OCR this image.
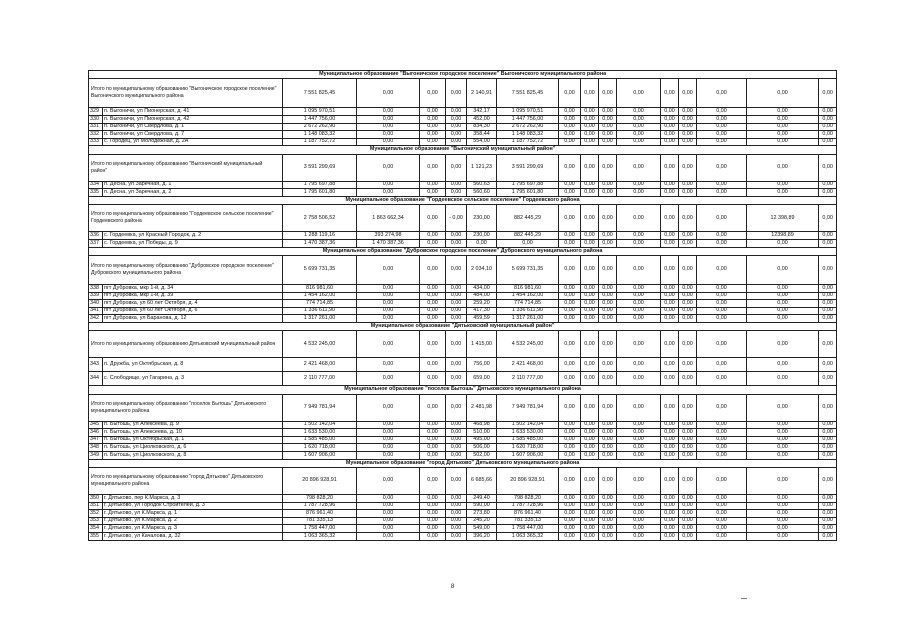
Муниципальное образование "Выгоничское городское поселение" Выгоничского муниципального района																
Итого по муниципальному образованию "Выгоничское городское поселение" Выгоничского муниципального района		7 551 825,45	0,00	0,00	0,00	2 140,91	7 551 825,45	0,00	0,00	0,00	0,00	0,00	0,00	0,00	0,00	0,00
329	п. Выгоничи, ул Пионерская, д. 41	1 095 970,51	0,00	0,00	0,00	342,17	1 095 970,51	0,00	0,00	0,00	0,00	0,00	0,00	0,00	0,00	0,00
330	п. Выгоничи, ул Пионерская, д. 42	1 447 756,00	0,00	0,00	0,00	452,00	1 447 756,00	0,00	0,00	0,00	0,00	0,00	0,00	0,00	0,00	0,00
331	п. Выгоничи, ул Свердлова, д. 1	2 672 262,90	0,00	0,00	0,00	834,30	2 672 262,90	0,00	0,00	0,00	0,00	0,00	0,00	0,00	0,00	0,00
332	п. Выгоничи, ул Свердлова, д. 7	1 148 083,32	0,00	0,00	0,00	358,44	1 148 083,32	0,00	0,00	0,00	0,00	0,00	0,00	0,00	0,00	0,00
333	с. Городец, ул Молодежная, д. 2А	1 187 752,72	0,00	0,00	0,00	554,00	1 187 752,72	0,00	0,00	0,00	0,00	0,00	0,00	0,00	0,00	0,00
Муниципальное образование "Выгоничский муниципальный район"																
Итого по муниципальному образованию "Выгоничский муниципальный район"		3 591 299,69	0,00	0,00	0,00	1 121,23	3 591 299,69	0,00	0,00	0,00	0,00	0,00	0,00	0,00	0,00	0,00
334	п. Десна, ул Заречная, д. 1	1 795 697,88	0,00	0,00	0,00	560,63	1 795 697,88	0,00	0,00	0,00	0,00	0,00	0,00	0,00	0,00	0,00
335	п. Десна, ул Заречная, д. 2	1 795 601,80	0,00	0,00	0,00	560,60	1 795 601,80	0,00	0,00	0,00	0,00	0,00	0,00	0,00	0,00	0,00
Муниципальное образование "Гордеевское сельское поселение" Гордеевского района																
Итого по муниципальному образованию "Гордеевское сельское поселение" Гордеевского района		2 758 506,52	1 863 662,34	0,00	- 0,00	230,00	882 445,29	0,00	0,00	0,00	0,00	0,00	0,00	0,00	12 398,89	0,00
336	с. Гордеевка, ул Красный Городок, д. 2	1 288 119,16	393 274,98	0,00	0,00	230,00	882 445,29	0,00	0,00	0,00	0,00	0,00	0,00	0,00	12398,89	0,00
337	с. Гордеевка, ул Победы, д. 9	1 470 387,36	1 470 387,36	0,00	0,00	0,00	0,00	0,00	0,00	0,00	0,00	0,00	0,00	0,00	0,00	0,00
Муниципальное образование "Дубровское городское поселение" Дубровского муниципального района																
Итого по муниципальному образованию "Дубровское городское поселение" Дубровского муниципального района		5 699 731,35	0,00	0,00	0,00	2 034,10	5 699 731,35	0,00	0,00	0,00	0,00	0,00	0,00	0,00	0,00	0,00
338	пгт Дубровка, мкр 1-й, д. 34	816 981,60	0,00	0,00	0,00	434,00	816 981,60	0,00	0,00	0,00	0,00	0,00	0,00	0,00	0,00	0,00
339	пгт Дубровка, мкр 1-й, д. 39	1 454 162,00	0,00	0,00	0,00	484,00	1 454 162,00	0,00	0,00	0,00	0,00	0,00	0,00	0,00	0,00	0,00
340	пгт Дубровка, ул 60 лет Октября, д. 4	774 714,85	0,00	0,00	0,00	259,20	774 714,85	0,00	0,00	0,00	0,00	0,00	0,00	0,00	0,00	0,00
341	пгт Дубровка, ул 60 лет Октября, д. 6	1 336 611,90	0,00	0,00	0,00	417,30	1 336 611,90	0,00	0,00	0,00	0,00	0,00	0,00	0,00	0,00	0,00
342	пгт Дубровка, ул Баранова, д. 12	1 317 261,00	0,00	0,00	0,00	459,59	1 317 261,00	0,00	0,00	0,00	0,00	0,00	0,00	0,00	0,00	0,00
Муниципальное образование "Дятьковский муниципальный район"																
Итого по муниципальному образованию Дятьковский муниципальный район		4 532 245,00	0,00	0,00	0,00	1 415,00	4 532 245,00	0,00	0,00	0,00	0,00	0,00	0,00	0,00	0,00	0,00
343	п. Дружба, ул Октябрьская, д. 8	2 421 468,00	0,00	0,00	0,00	756,00	2 421 468,00	0,00	0,00	0,00	0,00	0,00	0,00	0,00	0,00	0,00
344	с. Слободище, ул Гагарина, д. 3	2 110 777,00	0,00	0,00	0,00	659,00	2 110 777,00	0,00	0,00	0,00	0,00	0,00	0,00	0,00	0,00	0,00
Муниципальное образование "поселок Бытошь" Дятьковского муниципального района																
Итого по муниципальному образованию "поселок Бытошь" Дятьковского муниципального района		7 949 781,94	0,00	0,00	0,00	2 481,98	7 949 781,94	0,00	0,00	0,00	0,00	0,00	0,00	0,00	0,00	0,00
345	п. Бытошь, ул Алексеева, д. 9	1 502 142,04	0,00	0,00	0,00	468,98	1 502 142,04	0,00	0,00	0,00	0,00	0,00	0,00	0,00	0,00	0,00
346	п. Бытошь, ул Алексеева, д. 10	1 633 530,00	0,00	0,00	0,00	510,00	1 633 530,00	0,00	0,00	0,00	0,00	0,00	0,00	0,00	0,00	0,00
347	п. Бытошь, ул Октябрьская, д. 1	1 585 485,00	0,00	0,00	0,00	495,00	1 585 485,00	0,00	0,00	0,00	0,00	0,00	0,00	0,00	0,00	0,00
348	п. Бытошь, ул Циолковского, д. 6	1 620 718,00	0,00	0,00	0,00	506,00	1 620 718,00	0,00	0,00	0,00	0,00	0,00	0,00	0,00	0,00	0,00
349	п. Бытошь, ул Циолковского, д. 8	1 607 906,00	0,00	0,00	0,00	502,00	1 607 906,00	0,00	0,00	0,00	0,00	0,00	0,00	0,00	0,00	0,00
Муниципальное образование "город Дятьково" Дятьковского муниципального района																
Итого по муниципальному образованию "город Дятьково" Дятьковского муниципального района		20 896 928,91	0,00	0,00	0,00	6 685,66	20 896 928,91	0,00	0,00	0,00	0,00	0,00	0,00	0,00	0,00	0,00
350	г. Дятьково, пер К.Маркса, д. 3	798 828,20	0,00	0,00	0,00	249,40	798 828,20	0,00	0,00	0,00	0,00	0,00	0,00	0,00	0,00	0,00
351	г. Дятьково, ул Городок Строителей, д. 3	1 787 728,96	0,00	0,00	0,00	590,00	1 787 728,96	0,00	0,00	0,00	0,00	0,00	0,00	0,00	0,00	0,00
352	г. Дятьково, ул К.Маркса, д. 1	876 961,40	0,00	0,00	0,00	273,80	876 961,40	0,00	0,00	0,00	0,00	0,00	0,00	0,00	0,00	0,00
353	г. Дятьково, ул К.Маркса, д. 2	781 335,13	0,00	0,00	0,00	245,20	781 335,13	0,00	0,00	0,00	0,00	0,00	0,00	0,00	0,00	0,00
354	г. Дятьково, ул К.Маркса, д. 3	1 758 447,00	0,00	0,00	0,00	549,00	1 758 447,00	0,00	0,00	0,00	0,00	0,00	0,00	0,00	0,00	0,00
355	г. Дятьково, ул Качалова, д. 32	1 063 365,32	0,00	0,00	0,00	396,20	1 063 365,32	0,00	0,00	0,00	0,00	0,00	0,00	0,00	0,00	0,00
8
